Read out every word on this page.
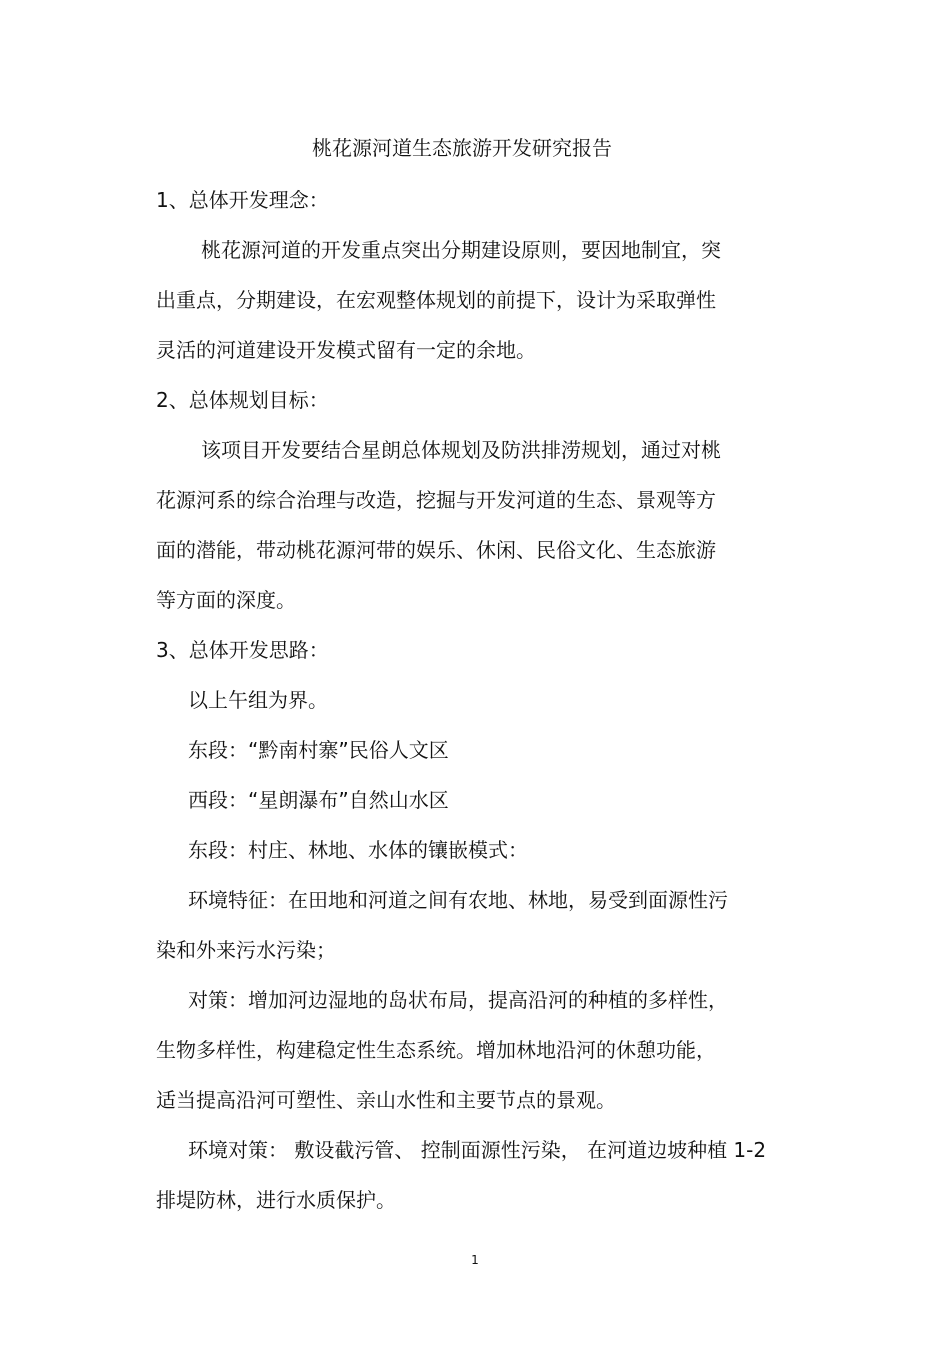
桃花源河道生态旅游开发研究报告
1、总体开发理念：
桃花源河道的开发重点突出分期建设原则，要因地制宜，突
出重点，分期建设，在宏观整体规划的前提下，设计为采取弹性
灵活的河道建设开发模式留有一定的余地。
2、总体规划目标：
该项目开发要结合星朗总体规划及防洪排涝规划，通过对桃
花源河系的综合治理与改造，挖掘与开发河道的生态、景观等方
面的潜能，带动桃花源河带的娱乐、休闲、民俗文化、生态旅游
等方面的深度。
3、总体开发思路：
以上午组为界。
东段：“黔南村寨”民俗人文区
西段：“星朗瀑布”自然山水区
东段：村庄、林地、水体的镶嵌模式：
环境特征：在田地和河道之间有农地、林地，易受到面源性污
染和外来污水污染；
对策：增加河边湿地的岛状布局，提高沿河的种植的多样性，
生物多样性，构建稳定性生态系统。增加林地沿河的休憩功能，
适当提高沿河可塑性、亲山水性和主要节点的景观。
环境对策： 敷设截污管、 控制面源性污染， 在河道边坡种植 1-2
排堤防林，进行水质保护。
1
